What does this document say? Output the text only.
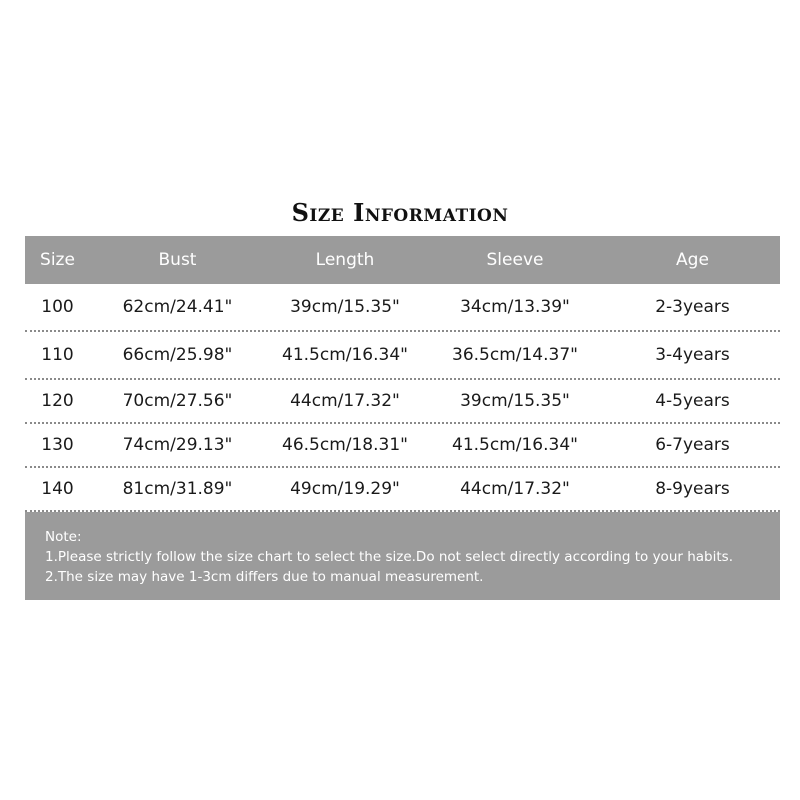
Size Information
Size	Bust	Length	Sleeve	Age
100	62cm/24.41"	39cm/15.35"	34cm/13.39"	2-3years
110	66cm/25.98"	41.5cm/16.34"	36.5cm/14.37"	3-4years
120	70cm/27.56"	44cm/17.32"	39cm/15.35"	4-5years
130	74cm/29.13"	46.5cm/18.31"	41.5cm/16.34"	6-7years
140	81cm/31.89"	49cm/19.29"	44cm/17.32"	8-9years
Note:
1.Please strictly follow the size chart to select the size.Do not select directly according to your habits.
2.The size may have 1-3cm differs due to manual measurement.
